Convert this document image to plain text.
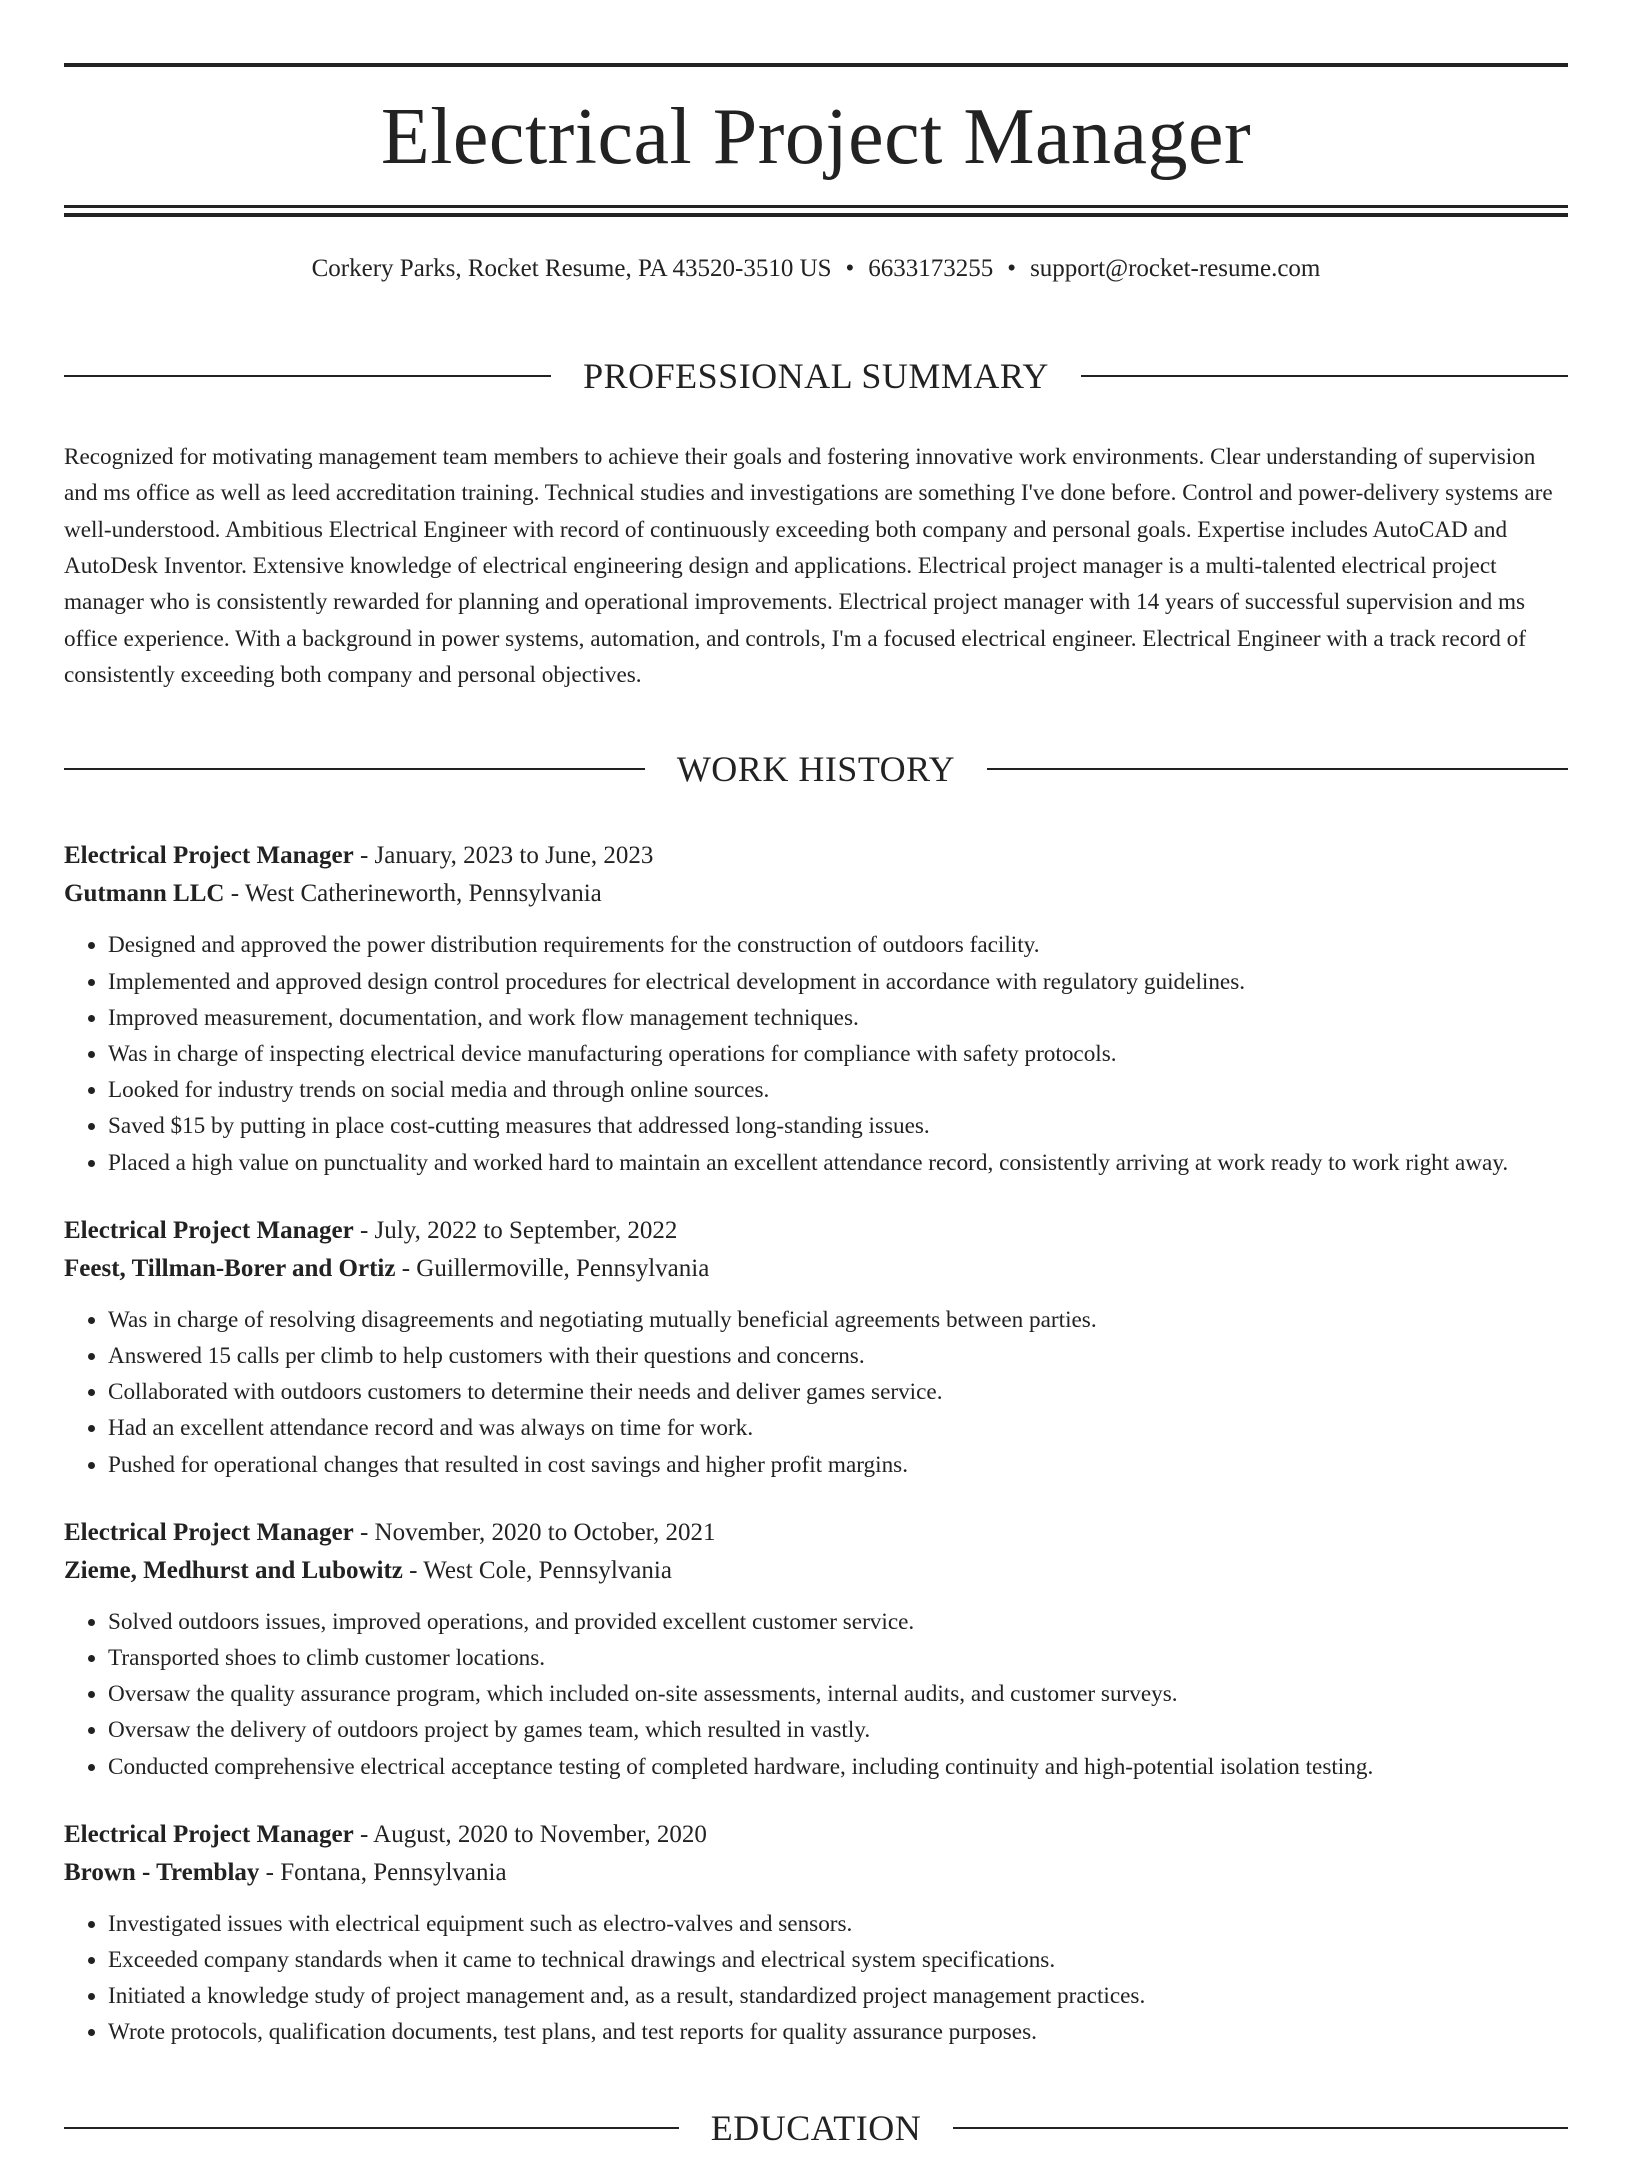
Electrical Project Manager
Corkery Parks, Rocket Resume, PA 43520-3510 US • 6633173255 • support@rocket-resume.com
PROFESSIONAL SUMMARY

Recognized for motivating management team members to achieve their goals and fostering innovative work environments. Clear understanding of supervision and ms office as well as leed accreditation training. Technical studies and investigations are something I've done before. Control and power-delivery systems are well-understood. Ambitious Electrical Engineer with record of continuously exceeding both company and personal goals. Expertise includes AutoCAD and AutoDesk Inventor. Extensive knowledge of electrical engineering design and applications. Electrical project manager is a multi-talented electrical project manager who is consistently rewarded for planning and operational improvements. Electrical project manager with 14 years of successful supervision and ms office experience. With a background in power systems, automation, and controls, I'm a focused electrical engineer. Electrical Engineer with a track record of consistently exceeding both company and personal objectives.

WORK HISTORY
Electrical Project Manager - January, 2023 to June, 2023
Gutmann LLC - West Catherineworth, Pennsylvania
• Designed and approved the power distribution requirements for the construction of outdoors facility.
• Implemented and approved design control procedures for electrical development in accordance with regulatory guidelines.
• Improved measurement, documentation, and work flow management techniques.
• Was in charge of inspecting electrical device manufacturing operations for compliance with safety protocols.
• Looked for industry trends on social media and through online sources.
• Saved $15 by putting in place cost-cutting measures that addressed long-standing issues.
• Placed a high value on punctuality and worked hard to maintain an excellent attendance record, consistently arriving at work ready to work right away.
Electrical Project Manager - July, 2022 to September, 2022
Feest, Tillman-Borer and Ortiz - Guillermoville, Pennsylvania
• Was in charge of resolving disagreements and negotiating mutually beneficial agreements between parties.
• Answered 15 calls per climb to help customers with their questions and concerns.
• Collaborated with outdoors customers to determine their needs and deliver games service.
• Had an excellent attendance record and was always on time for work.
• Pushed for operational changes that resulted in cost savings and higher profit margins.
Electrical Project Manager - November, 2020 to October, 2021
Zieme, Medhurst and Lubowitz - West Cole, Pennsylvania
• Solved outdoors issues, improved operations, and provided excellent customer service.
• Transported shoes to climb customer locations.
• Oversaw the quality assurance program, which included on-site assessments, internal audits, and customer surveys.
• Oversaw the delivery of outdoors project by games team, which resulted in vastly.
• Conducted comprehensive electrical acceptance testing of completed hardware, including continuity and high-potential isolation testing.
Electrical Project Manager - August, 2020 to November, 2020
Brown - Tremblay - Fontana, Pennsylvania
• Investigated issues with electrical equipment such as electro-valves and sensors.
• Exceeded company standards when it came to technical drawings and electrical system specifications.
• Initiated a knowledge study of project management and, as a result, standardized project management practices.
• Wrote protocols, qualification documents, test plans, and test reports for quality assurance purposes.
EDUCATION
